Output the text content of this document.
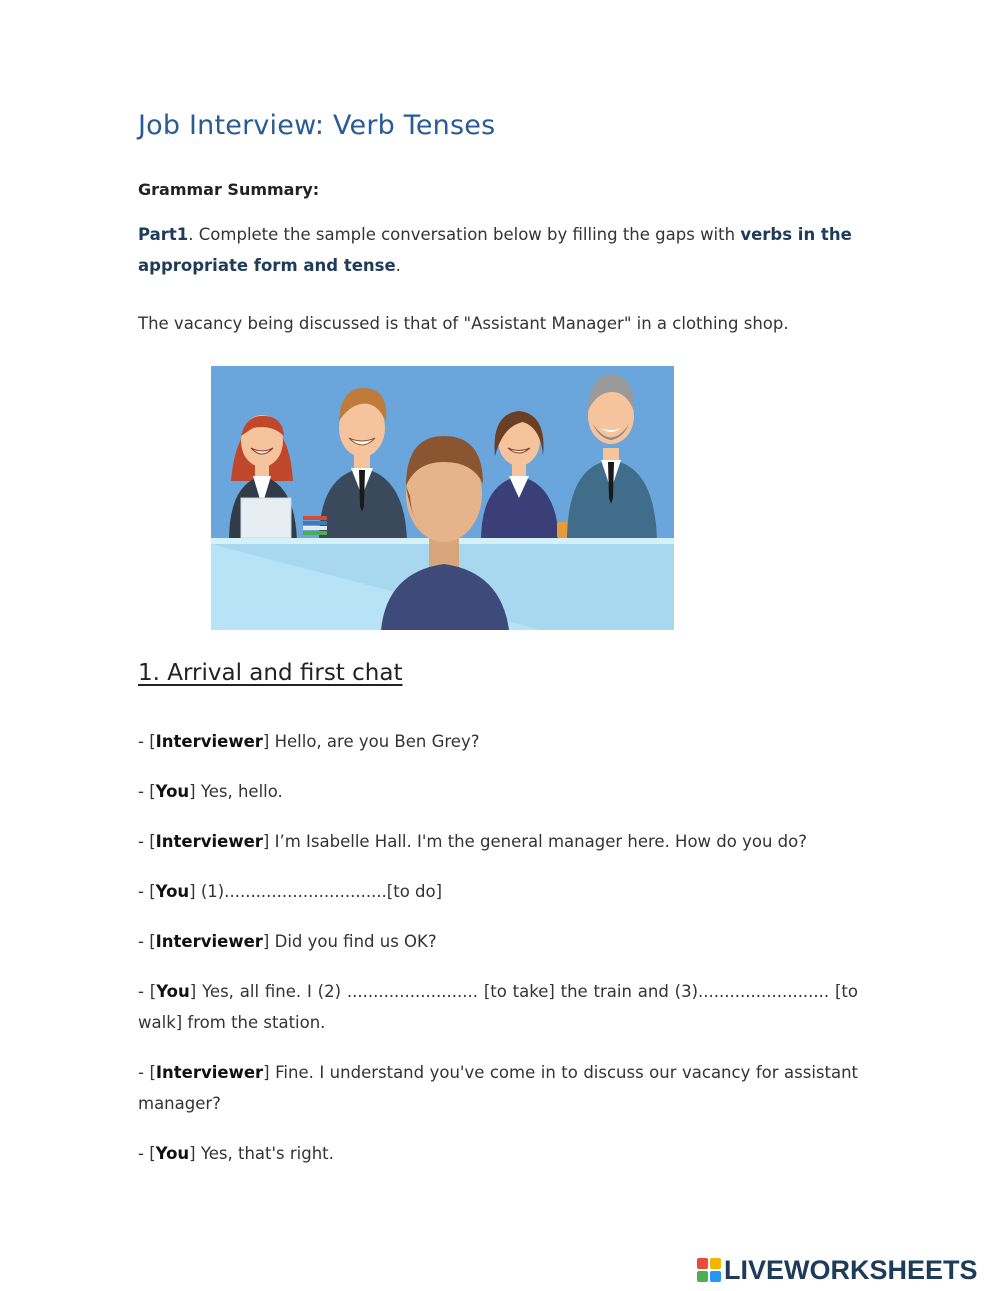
Job Interview: Verb Tenses

Grammar Summary:

Part1. Complete the sample conversation below by filling the gaps with verbs in the appropriate form and tense.

The vacancy being discussed is that of "Assistant Manager" in a clothing shop.

1. Arrival and first chat

- [Interviewer] Hello, are you Ben Grey?

- [You] Yes, hello.

- [Interviewer] I’m Isabelle Hall. I'm the general manager here. How do you do?

- [You] (1)...............................[to do]

- [Interviewer] Did you find us OK?

- [You] Yes, all fine. I (2) ......................... [to take] the train and (3)......................... [to walk] from the station.

- [Interviewer] Fine. I understand you've come in to discuss our vacancy for assistant manager?

- [You] Yes, that's right.

LIVEWORKSHEETS
